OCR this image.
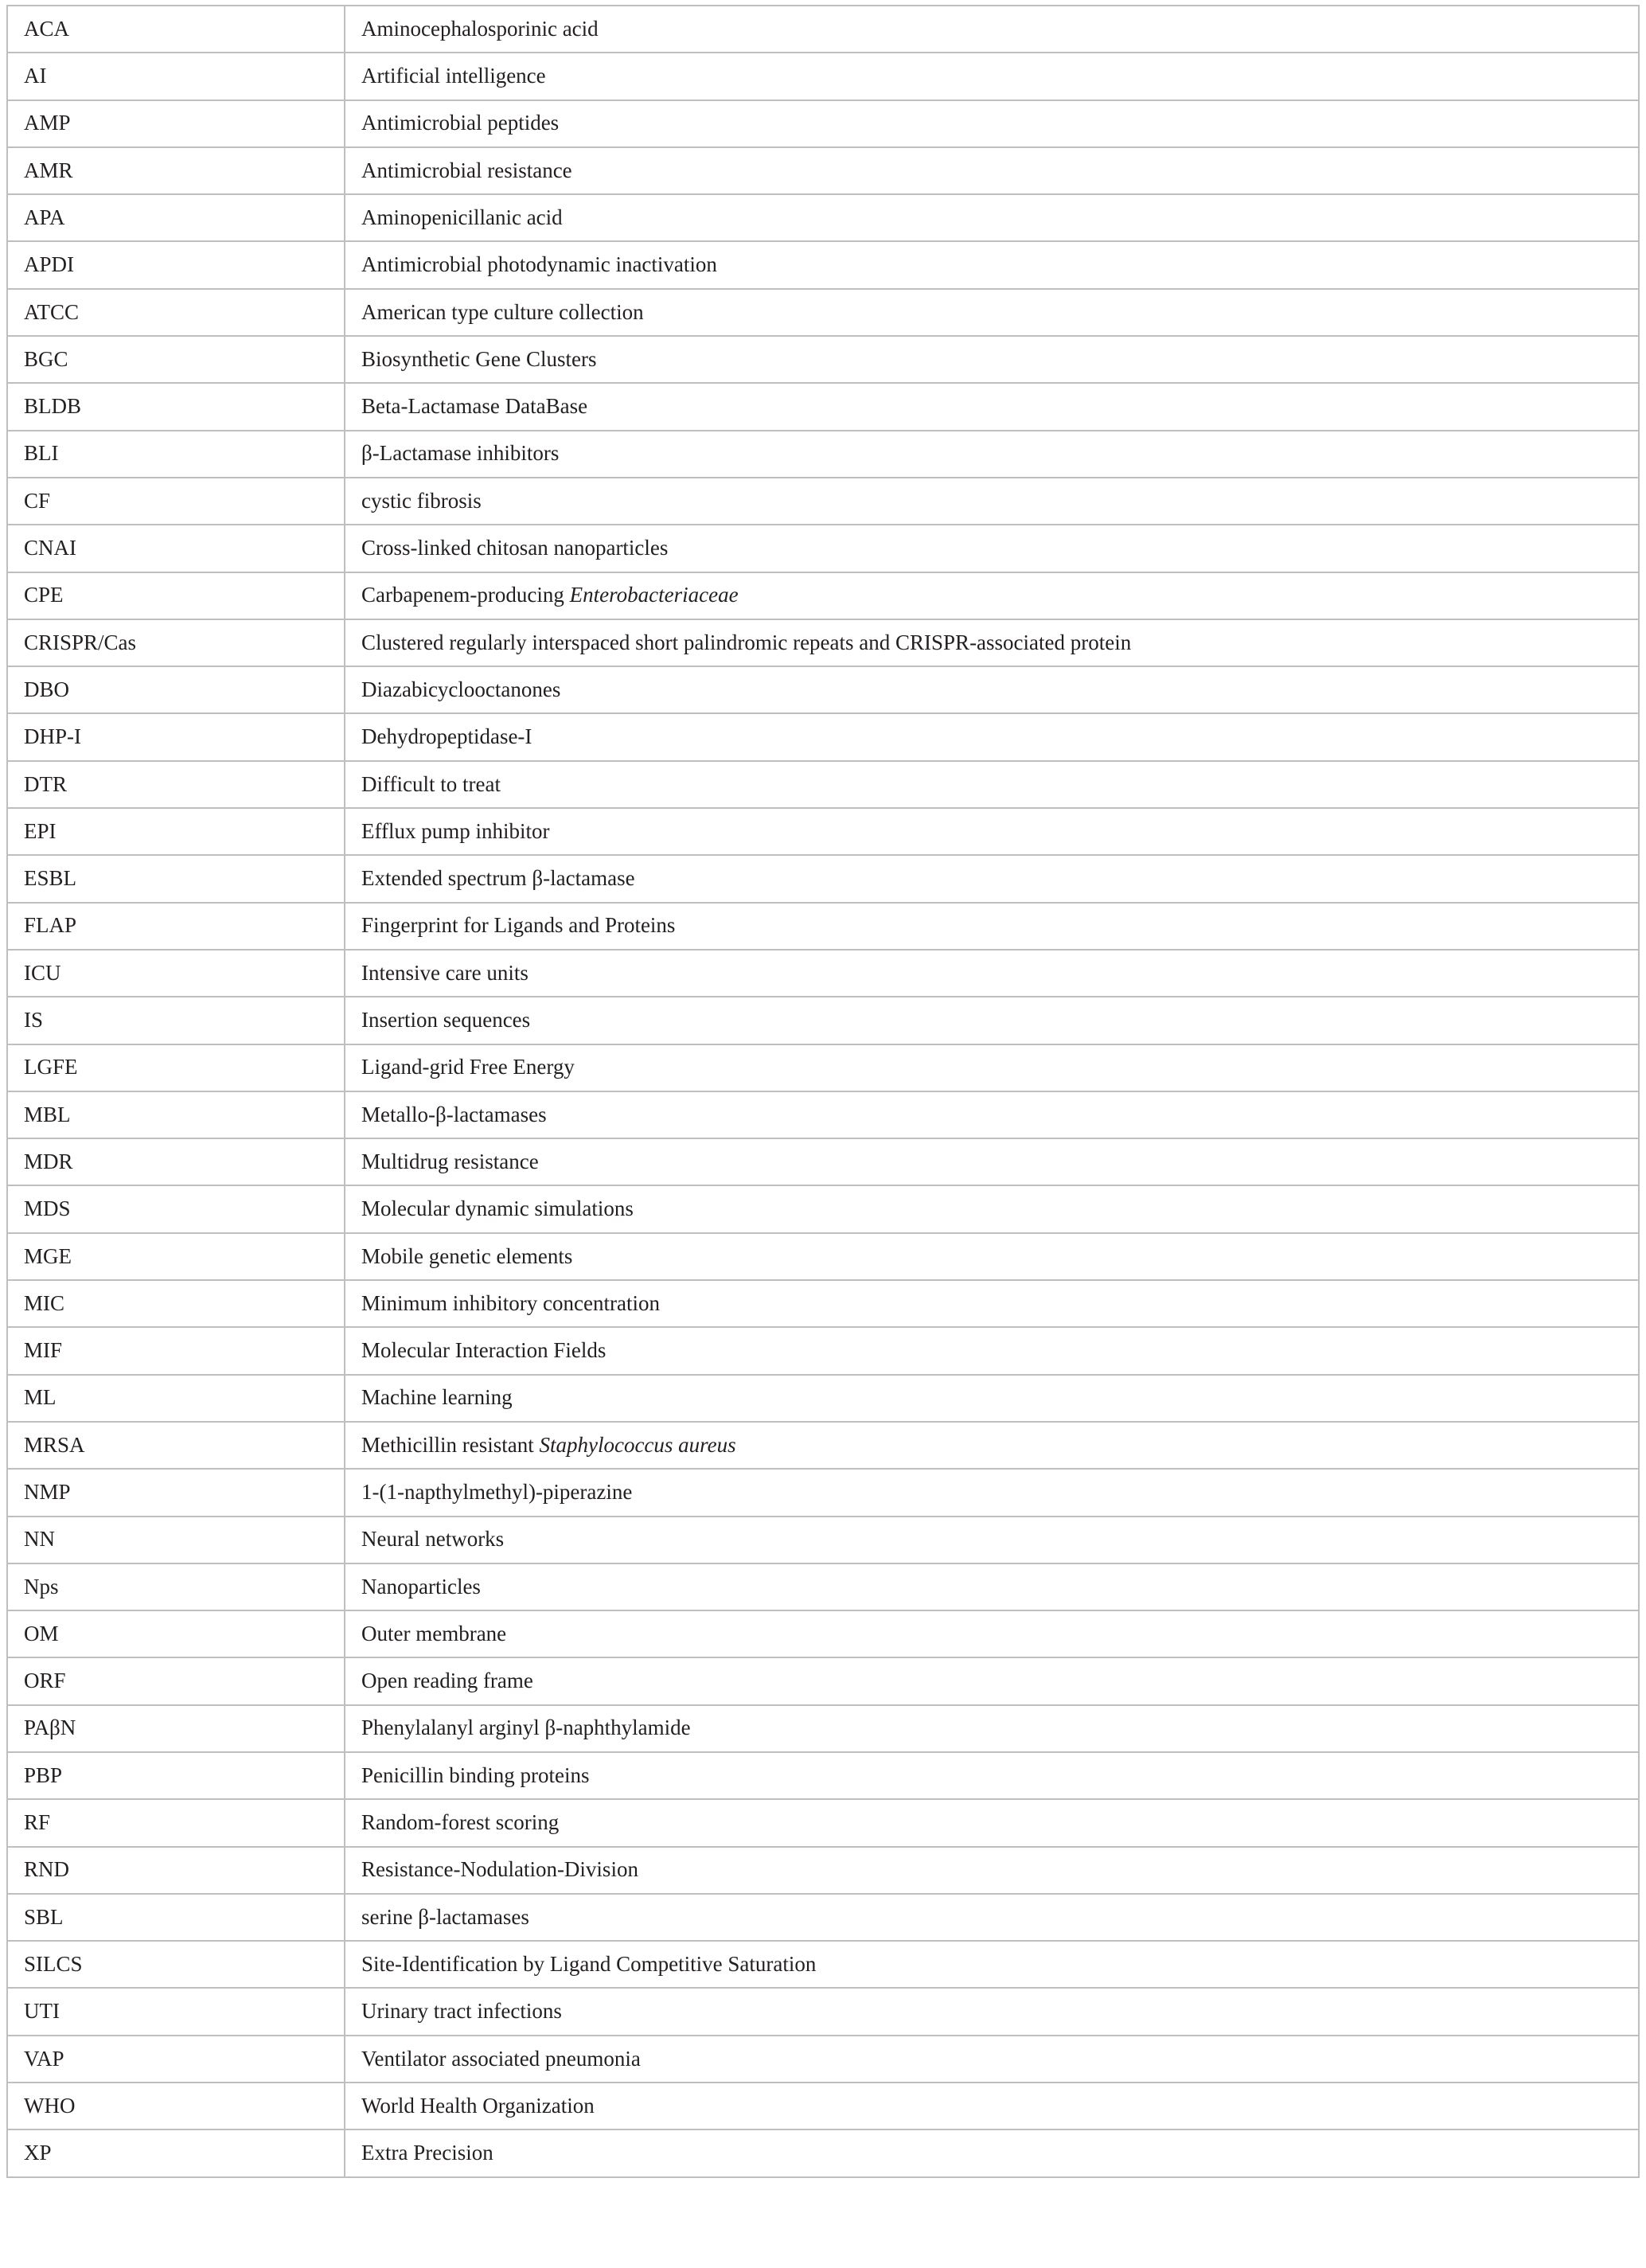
ACA	Aminocephalosporinic acid
AI	Artificial intelligence
AMP	Antimicrobial peptides
AMR	Antimicrobial resistance
APA	Aminopenicillanic acid
APDI	Antimicrobial photodynamic inactivation
ATCC	American type culture collection
BGC	Biosynthetic Gene Clusters
BLDB	Beta-Lactamase DataBase
BLI	β-Lactamase inhibitors
CF	cystic fibrosis
CNAI	Cross-linked chitosan nanoparticles
CPE	Carbapenem-producing Enterobacteriaceae
CRISPR/Cas	Clustered regularly interspaced short palindromic repeats and CRISPR-associated protein
DBO	Diazabicyclooctanones
DHP-I	Dehydropeptidase-I
DTR	Difficult to treat
EPI	Efflux pump inhibitor
ESBL	Extended spectrum β-lactamase
FLAP	Fingerprint for Ligands and Proteins
ICU	Intensive care units
IS	Insertion sequences
LGFE	Ligand-grid Free Energy
MBL	Metallo-β-lactamases
MDR	Multidrug resistance
MDS	Molecular dynamic simulations
MGE	Mobile genetic elements
MIC	Minimum inhibitory concentration
MIF	Molecular Interaction Fields
ML	Machine learning
MRSA	Methicillin resistant Staphylococcus aureus
NMP	1-(1-napthylmethyl)-piperazine
NN	Neural networks
Nps	Nanoparticles
OM	Outer membrane
ORF	Open reading frame
PAβN	Phenylalanyl arginyl β-naphthylamide
PBP	Penicillin binding proteins
RF	Random-forest scoring
RND	Resistance-Nodulation-Division
SBL	serine β-lactamases
SILCS	Site-Identification by Ligand Competitive Saturation
UTI	Urinary tract infections
VAP	Ventilator associated pneumonia
WHO	World Health Organization
XP	Extra Precision
